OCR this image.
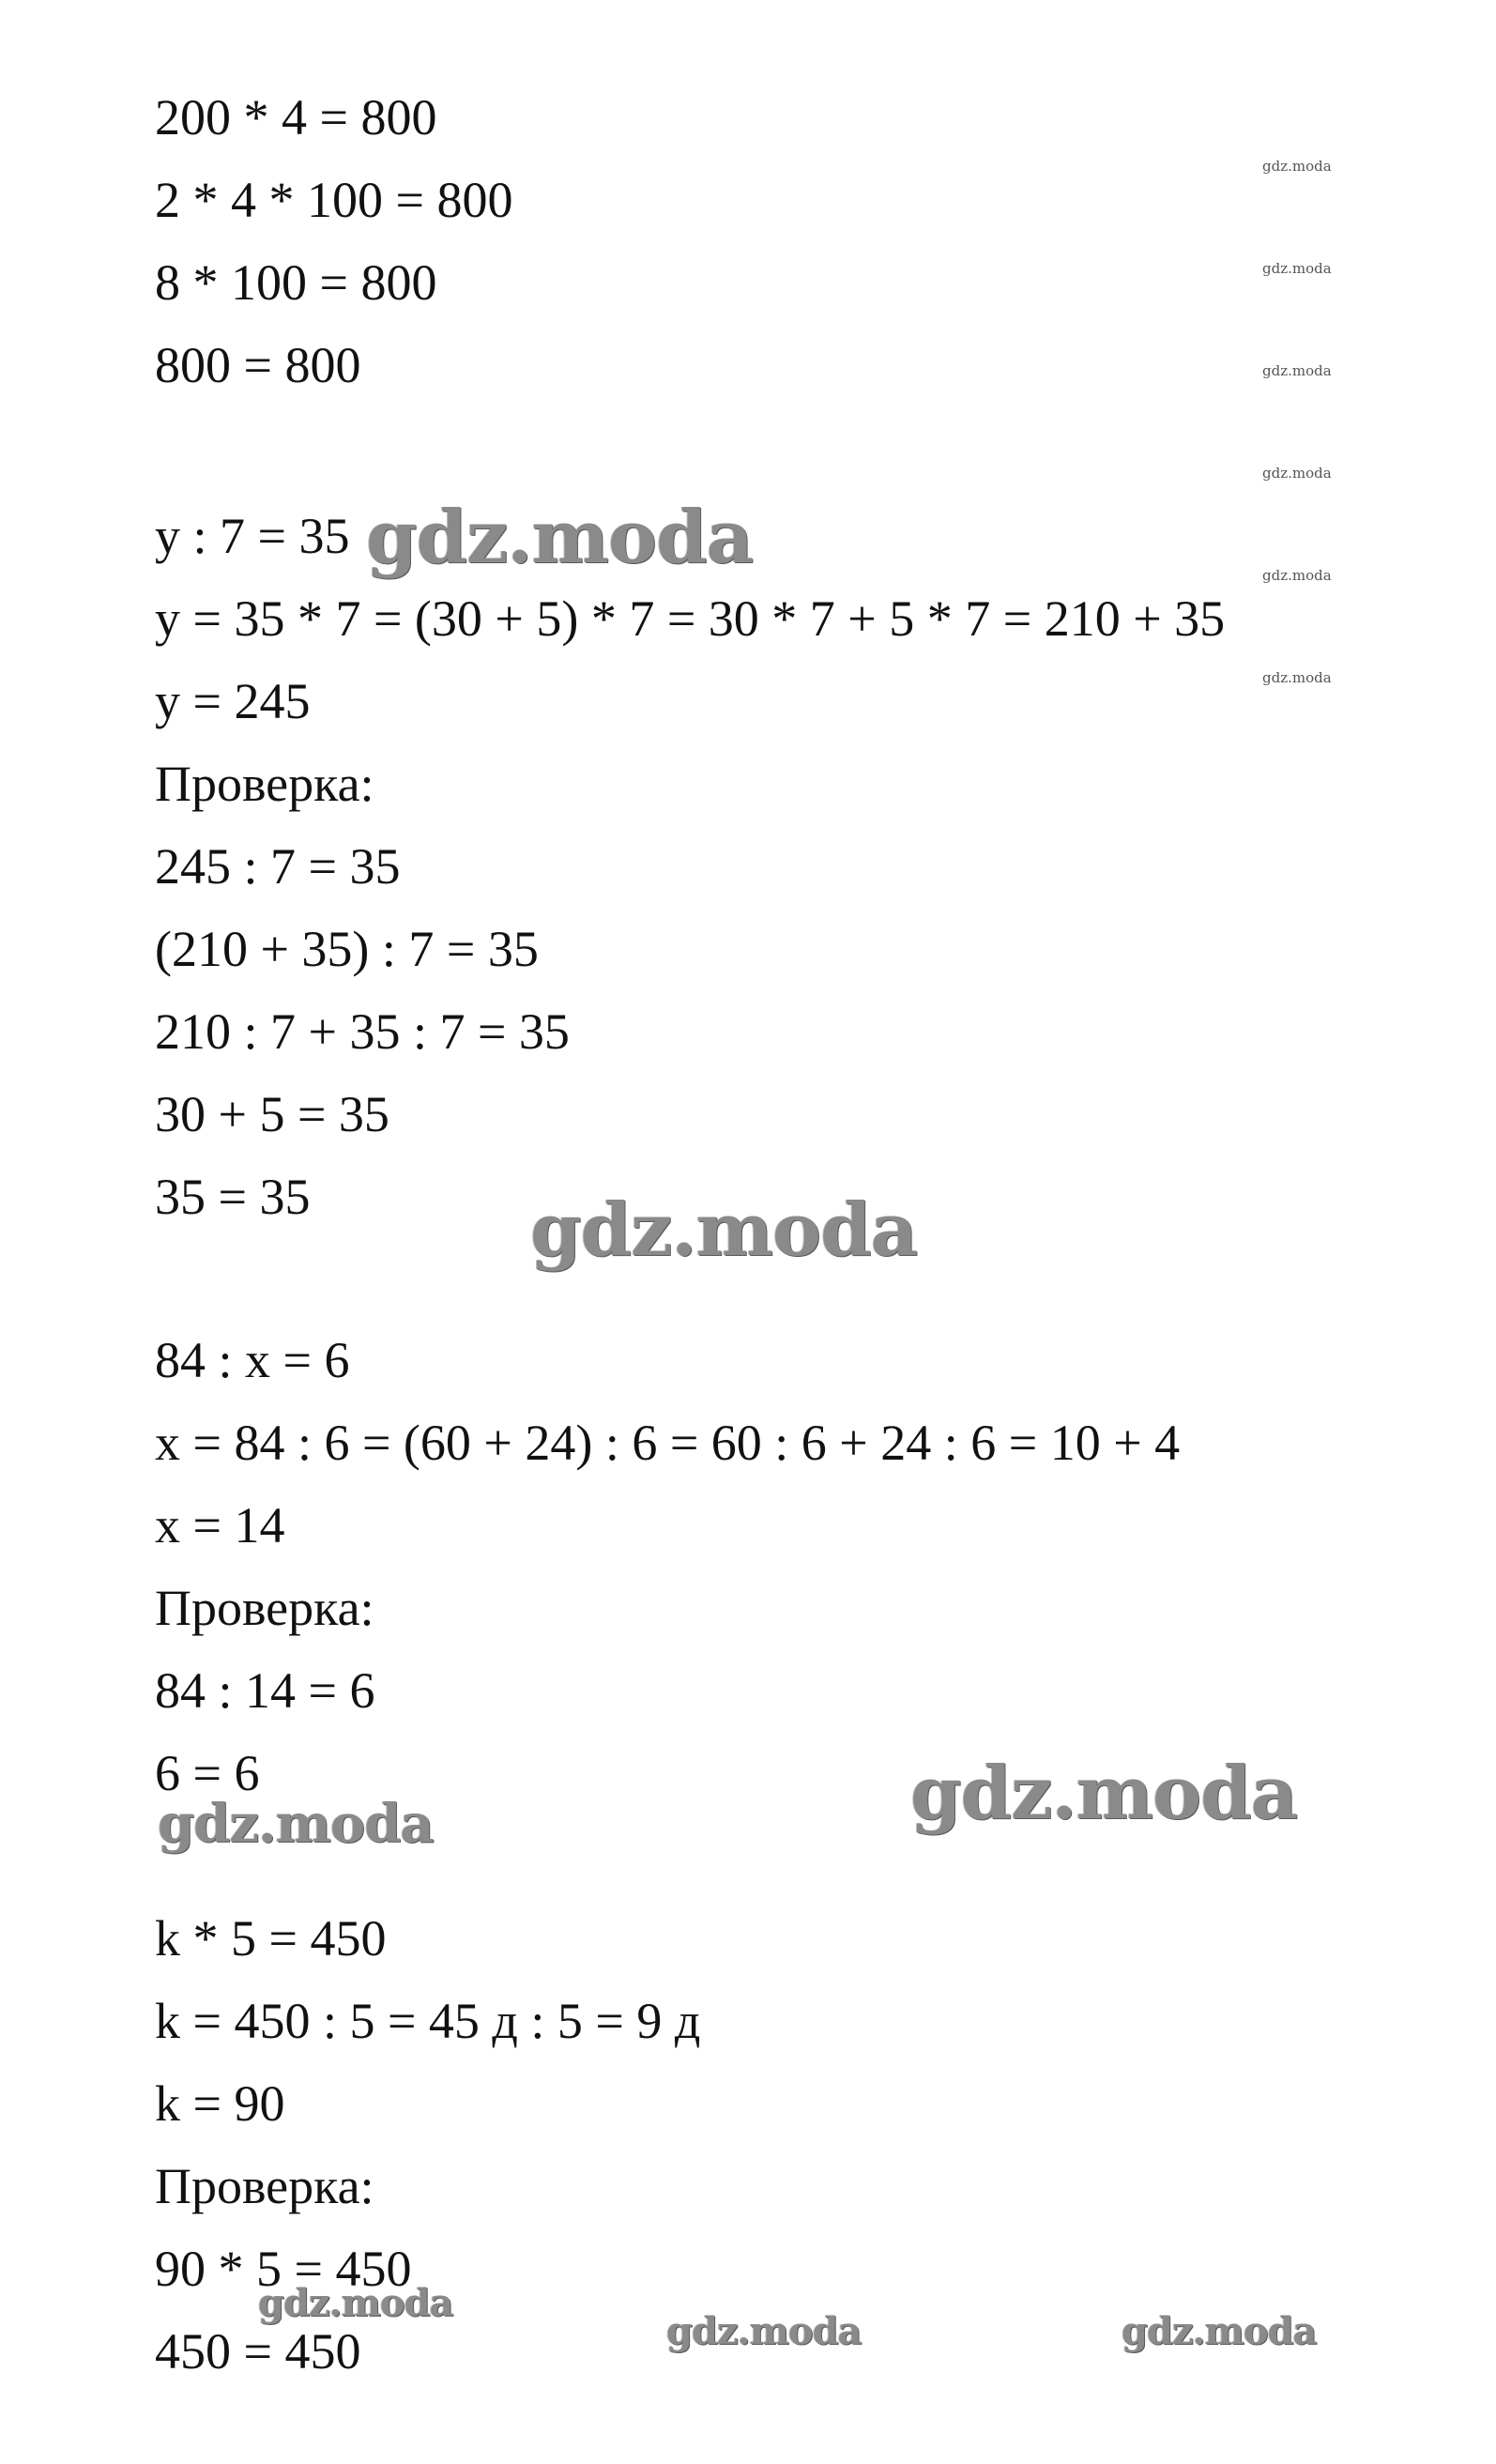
200 * 4 = 800
2 * 4 * 100 = 800
8 * 100 = 800
800 = 800
y : 7 = 35
y = 35 * 7 = (30 + 5) * 7 = 30 * 7 + 5 * 7 = 210 + 35
y = 245
Проверка:
245 : 7 = 35
(210 + 35) : 7 = 35
210 : 7 + 35 : 7 = 35
30 + 5 = 35
35 = 35
84 : x = 6
x = 84 : 6 = (60 + 24) : 6 = 60 : 6 + 24 : 6 = 10 + 4
x = 14
Проверка:
84 : 14 = 6
6 = 6
k * 5 = 450
k = 450 : 5 = 45 д : 5 = 9 д
k = 90
Проверка:
90 * 5 = 450
450 = 450
gdz.moda
gdz.moda
gdz.moda
gdz.moda
gdz.moda
gdz.moda	gdz.moda
gdz.moda
gdz.moda
gdz.moda
gdz.moda
gdz.moda
gdz.moda
